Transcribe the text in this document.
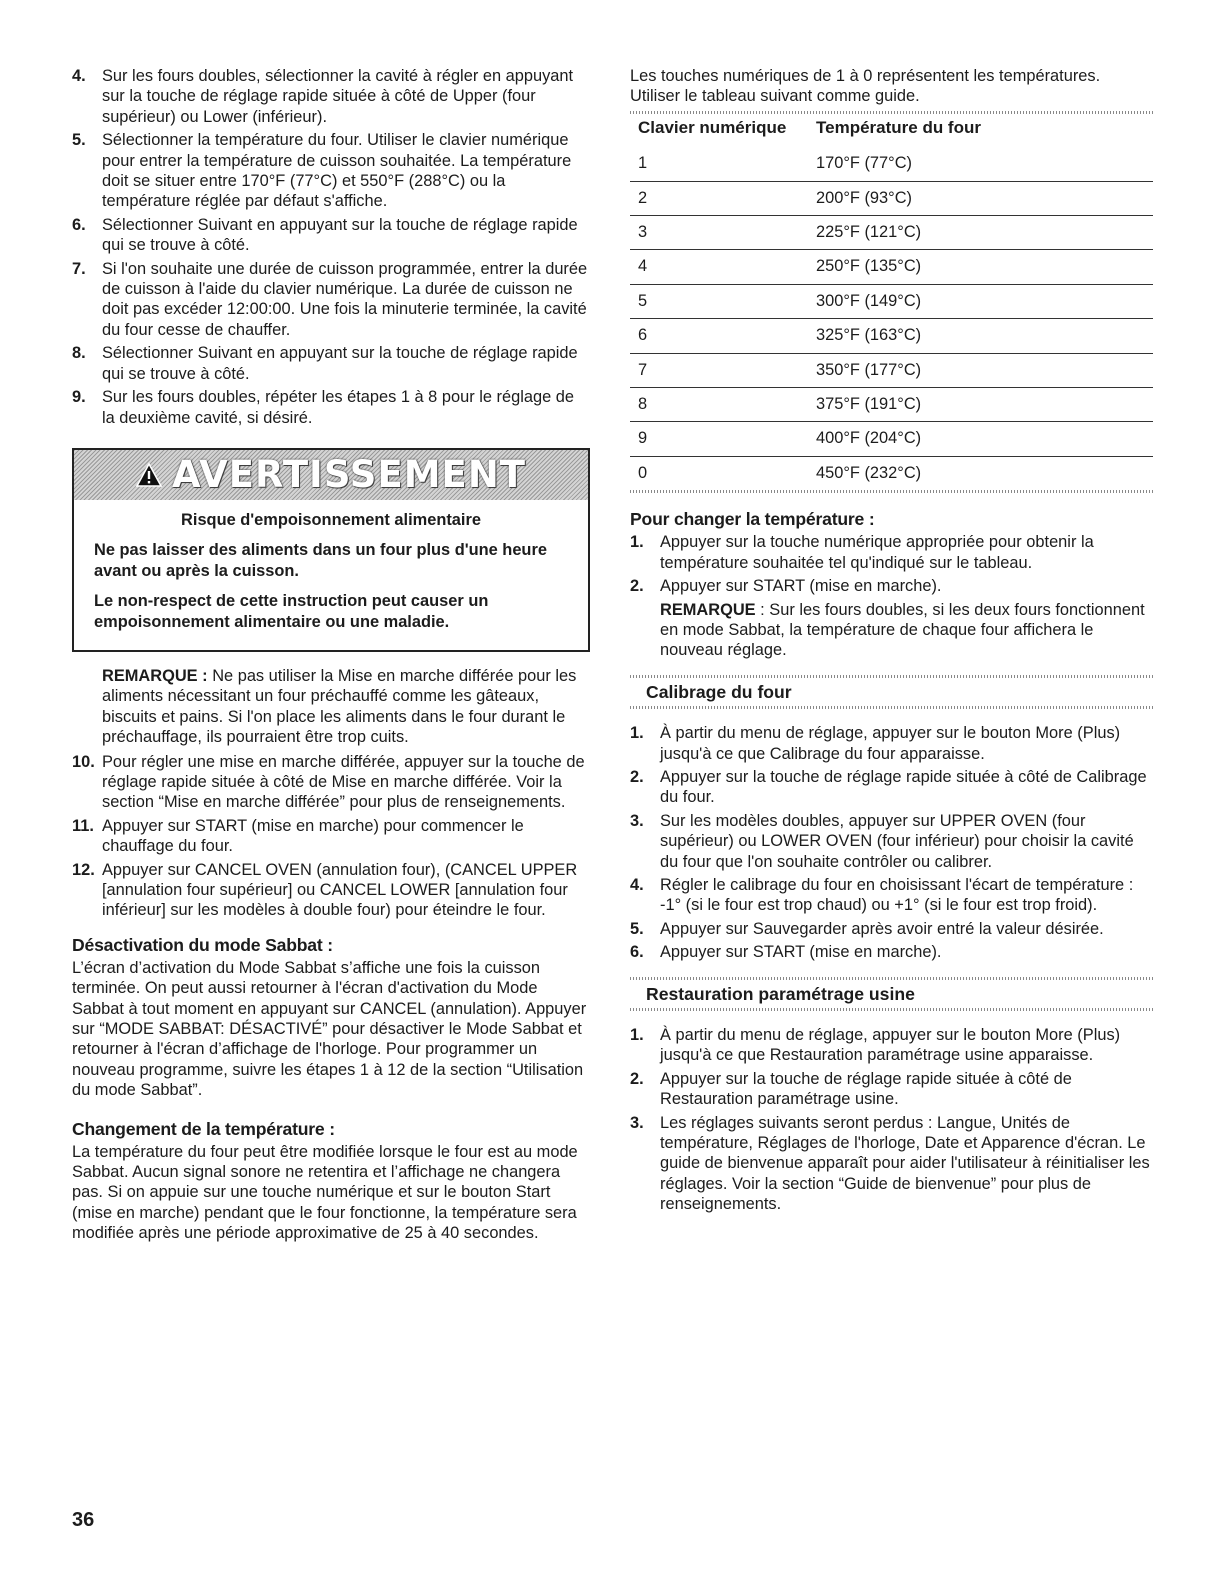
4. Sur les fours doubles, sélectionner la cavité à régler en appuyant sur la touche de réglage rapide située à côté de Upper (four supérieur) ou Lower (inférieur).
5. Sélectionner la température du four. Utiliser le clavier numérique pour entrer la température de cuisson souhaitée. La température doit se situer entre 170°F (77°C) et 550°F (288°C) ou la température réglée par défaut s'affiche.
6. Sélectionner Suivant en appuyant sur la touche de réglage rapide qui se trouve à côté.
7. Si l'on souhaite une durée de cuisson programmée, entrer la durée de cuisson à l'aide du clavier numérique. La durée de cuisson ne doit pas excéder 12:00:00. Une fois la minuterie terminée, la cavité du four cesse de chauffer.
8. Sélectionner Suivant en appuyant sur la touche de réglage rapide qui se trouve à côté.
9. Sur les fours doubles, répéter les étapes 1 à 8 pour le réglage de la deuxième cavité, si désiré.
AVERTISSEMENT
Risque d'empoisonnement alimentaire
Ne pas laisser des aliments dans un four plus d'une heure avant ou après la cuisson.
Le non-respect de cette instruction peut causer un empoisonnement alimentaire ou une maladie.
REMARQUE : Ne pas utiliser la Mise en marche différée pour les aliments nécessitant un four préchauffé comme les gâteaux, biscuits et pains. Si l'on place les aliments dans le four durant le préchauffage, ils pourraient être trop cuits.
10. Pour régler une mise en marche différée, appuyer sur la touche de réglage rapide située à côté de Mise en marche différée. Voir la section “Mise en marche différée” pour plus de renseignements.
11. Appuyer sur START (mise en marche) pour commencer le chauffage du four.
12. Appuyer sur CANCEL OVEN (annulation four), (CANCEL UPPER [annulation four supérieur] ou CANCEL LOWER [annulation four inférieur] sur les modèles à double four) pour éteindre le four.
Désactivation du mode Sabbat :

L’écran d’activation du Mode Sabbat s’affiche une fois la cuisson terminée. On peut aussi retourner à l'écran d'activation du Mode Sabbat à tout moment en appuyant sur CANCEL (annulation). Appuyer sur “MODE SABBAT: DÉSACTIVÉ” pour désactiver le Mode Sabbat et retourner à l'écran d’affichage de l'horloge. Pour programmer un nouveau programme, suivre les étapes 1 à 12 de la section “Utilisation du mode Sabbat”.

Changement de la température :

La température du four peut être modifiée lorsque le four est au mode Sabbat. Aucun signal sonore ne retentira et l’affichage ne changera pas. Si on appuie sur une touche numérique et sur le bouton Start (mise en marche) pendant que le four fonctionne, la température sera modifiée après une période approximative de 25 à 40 secondes.

Les touches numériques de 1 à 0 représentent les températures. Utiliser le tableau suivant comme guide.

Clavier numérique	Température du four
1	170°F (77°C)
2	200°F (93°C)
3	225°F (121°C)
4	250°F (135°C)
5	300°F (149°C)
6	325°F (163°C)
7	350°F (177°C)
8	375°F (191°C)
9	400°F (204°C)
0	450°F (232°C)
Pour changer la température :
1. Appuyer sur la touche numérique appropriée pour obtenir la température souhaitée tel qu'indiqué sur le tableau.
2. Appuyer sur START (mise en marche).
REMARQUE : Sur les fours doubles, si les deux fours fonctionnent en mode Sabbat, la température de chaque four affichera le nouveau réglage.
Calibrage du four
1. À partir du menu de réglage, appuyer sur le bouton More (Plus) jusqu'à ce que Calibrage du four apparaisse.
2. Appuyer sur la touche de réglage rapide située à côté de Calibrage du four.
3. Sur les modèles doubles, appuyer sur UPPER OVEN (four supérieur) ou LOWER OVEN (four inférieur) pour choisir la cavité du four que l'on souhaite contrôler ou calibrer.
4. Régler le calibrage du four en choisissant l'écart de température : -1° (si le four est trop chaud) ou +1° (si le four est trop froid).
5. Appuyer sur Sauvegarder après avoir entré la valeur désirée.
6. Appuyer sur START (mise en marche).
Restauration paramétrage usine
1. À partir du menu de réglage, appuyer sur le bouton More (Plus) jusqu'à ce que Restauration paramétrage usine apparaisse.
2. Appuyer sur la touche de réglage rapide située à côté de Restauration paramétrage usine.
3. Les réglages suivants seront perdus : Langue, Unités de température, Réglages de l'horloge, Date et Apparence d'écran. Le guide de bienvenue apparaît pour aider l'utilisateur à réinitialiser les réglages. Voir la section “Guide de bienvenue” pour plus de renseignements.
36
